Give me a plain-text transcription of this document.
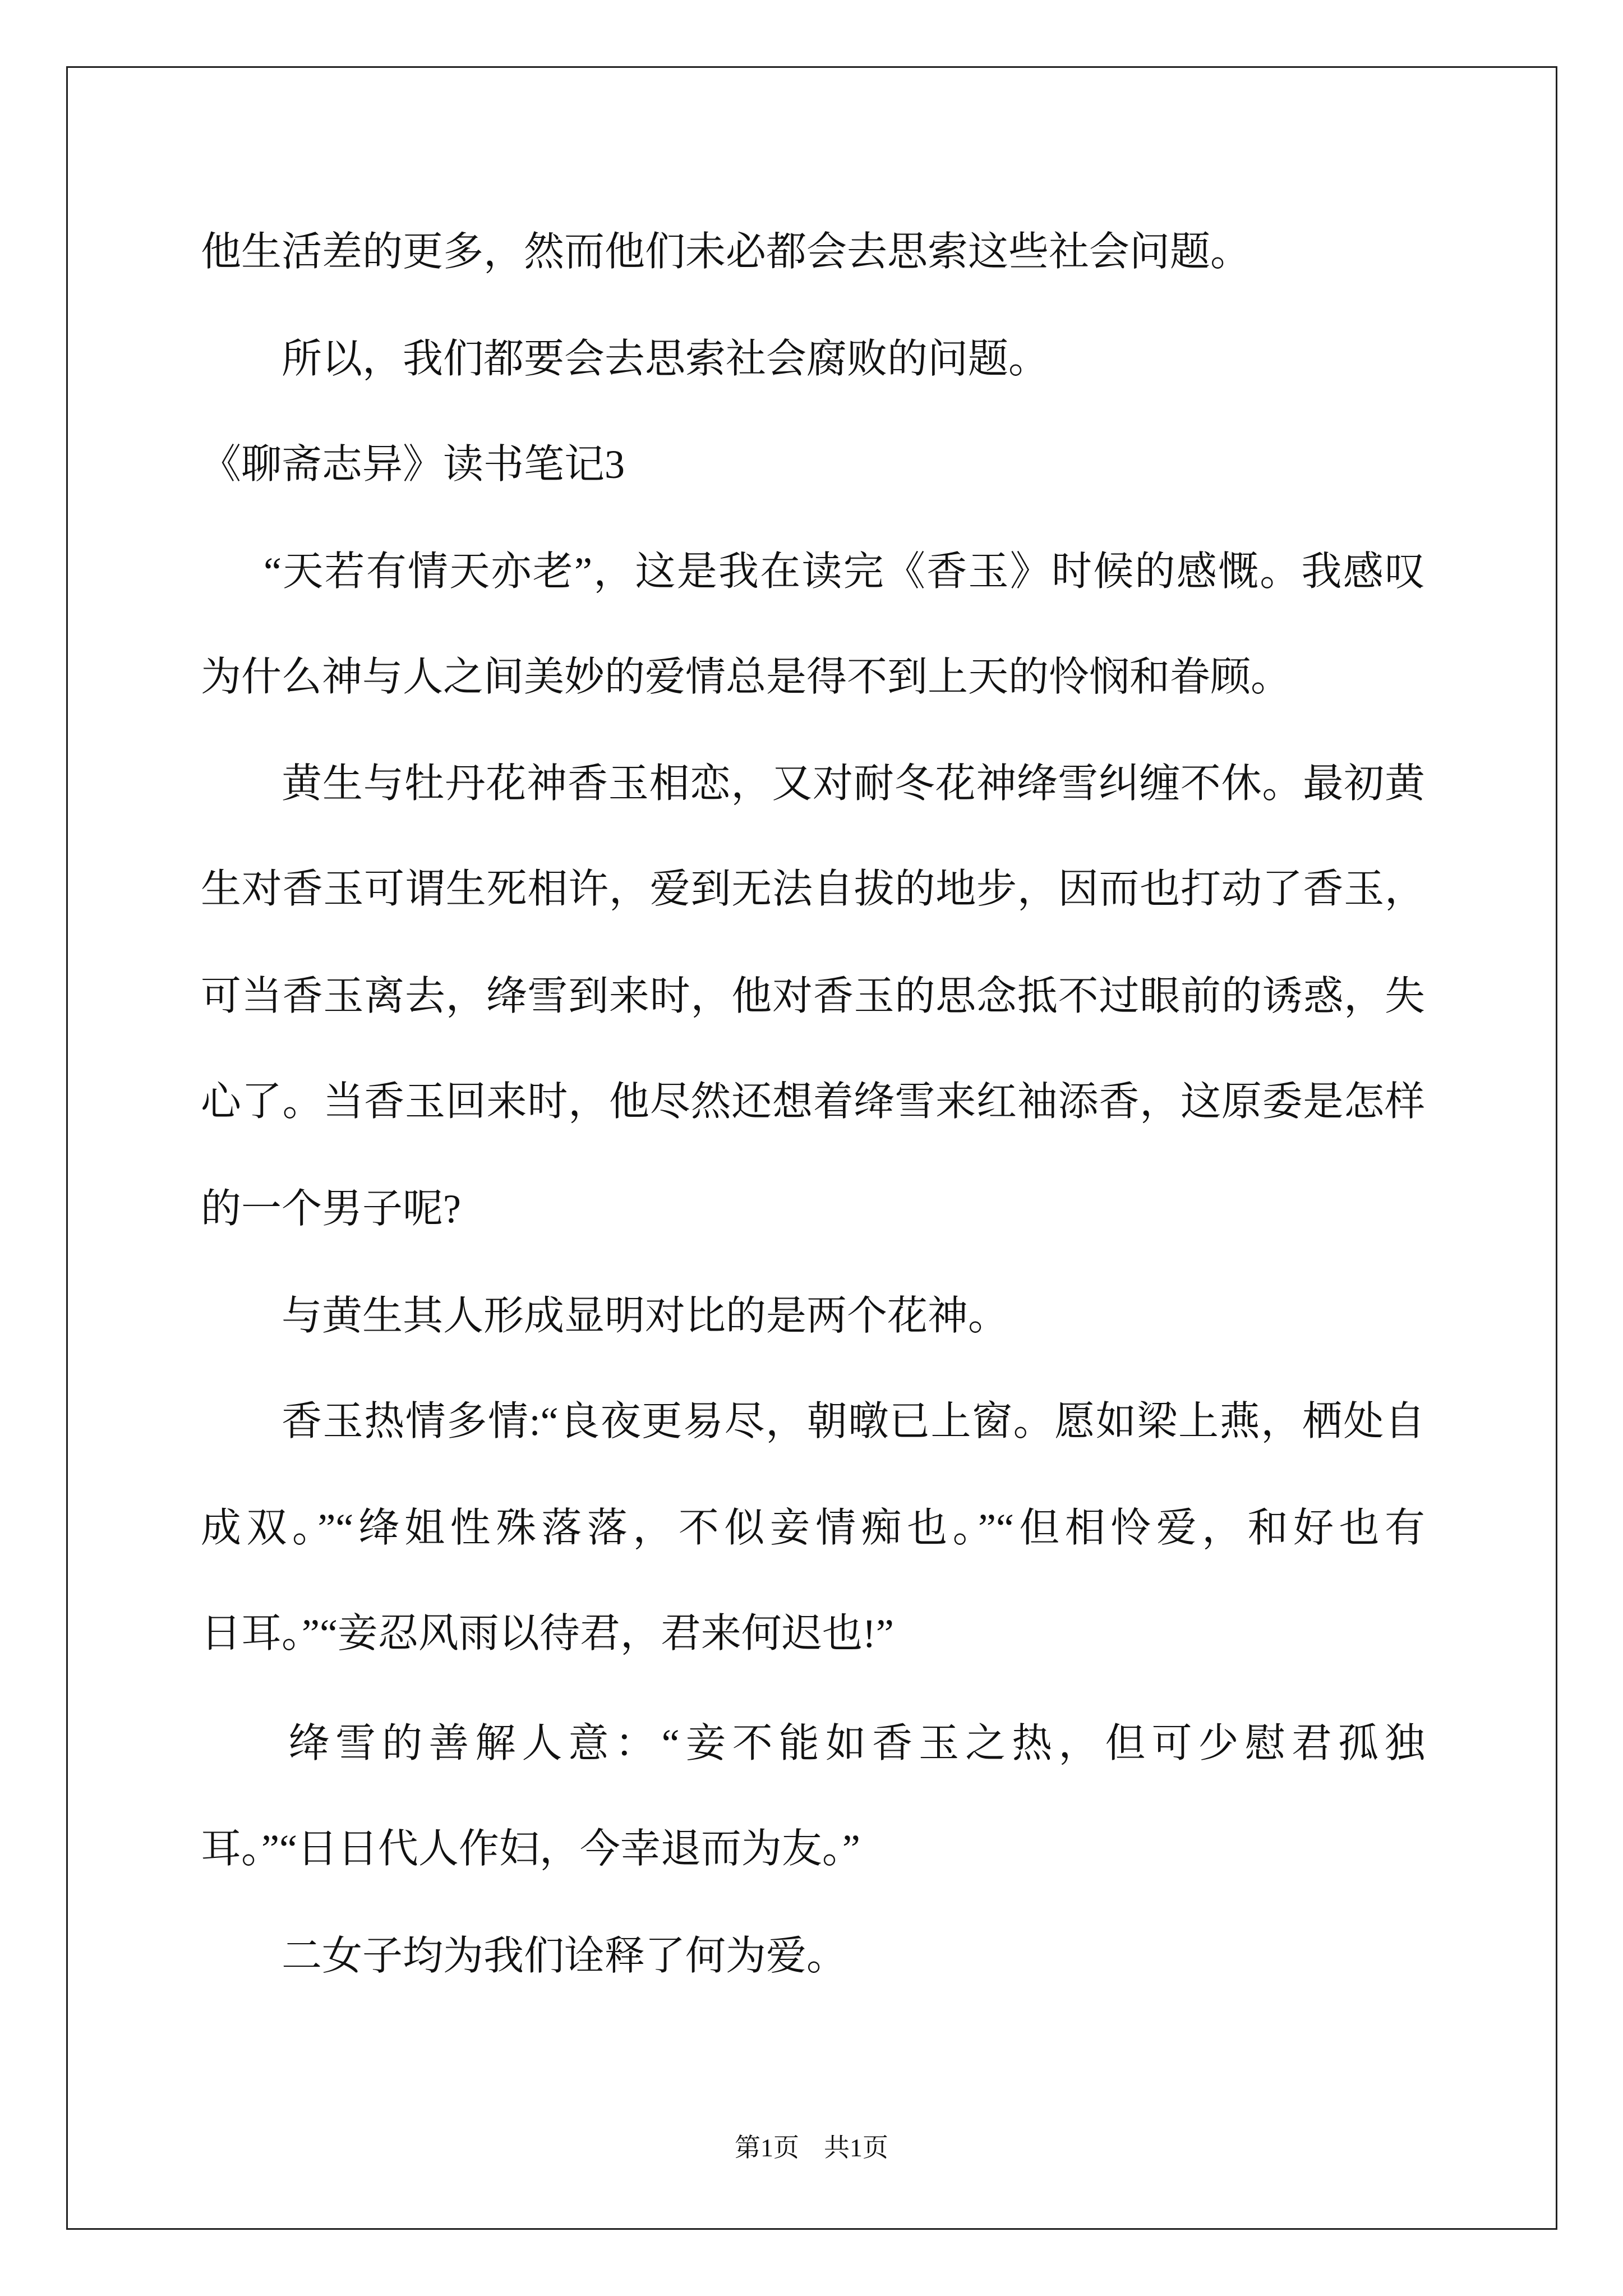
他生活差的更多，然而他们未必都会去思索这些社会问题。
所以，我们都要会去思索社会腐败的问题。
《聊斋志异》读书笔记3
“天若有情天亦老”，这是我在读完《香玉》时候的感慨。我感叹
为什么神与人之间美妙的爱情总是得不到上天的怜悯和眷顾。
黄生与牡丹花神香玉相恋，又对耐冬花神绛雪纠缠不休。最初黄
生对香玉可谓生死相许，爱到无法自拔的地步，因而也打动了香玉，
可当香玉离去，绛雪到来时，他对香玉的思念抵不过眼前的诱惑，失
心了。当香玉回来时，他尽然还想着绛雪来红袖添香，这原委是怎样
的一个男子呢?
与黄生其人形成显明对比的是两个花神。
香玉热情多情:“良夜更易尽，朝暾已上窗。愿如梁上燕，栖处自
成双。”“绛姐性殊落落，不似妾情痴也。”“但相怜爱，和好也有
日耳。”“妾忍风雨以待君，君来何迟也!”
绛雪的善解人意：“妾不能如香玉之热，但可少慰君孤独
耳。”“日日代人作妇，今幸退而为友。”
二女子均为我们诠释了何为爱。
第1页 共1页
